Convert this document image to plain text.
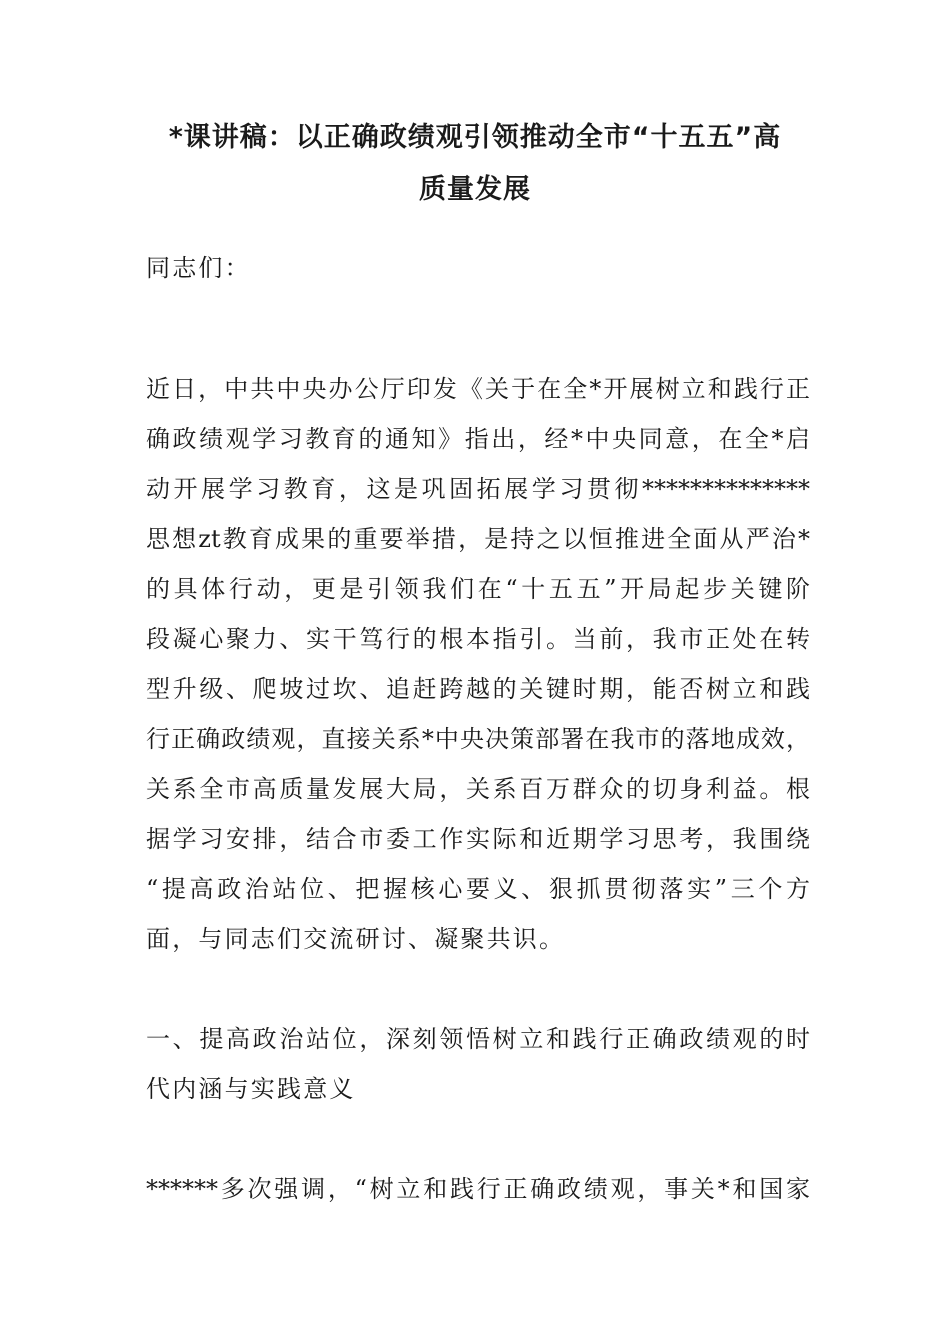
*课讲稿：以正确政绩观引领推动全市“十五五”高
质量发展
同志们：
近日，中共中央办公厅印发《关于在全*开展树立和践行正
确政绩观学习教育的通知》指出，经*中央同意，在全*启
动开展学习教育，这是巩固拓展学习贯彻**************
思想zt教育成果的重要举措，是持之以恒推进全面从严治*
的具体行动，更是引领我们在“十五五”开局起步关键阶
段凝心聚力、实干笃行的根本指引。当前，我市正处在转
型升级、爬坡过坎、追赶跨越的关键时期，能否树立和践
行正确政绩观，直接关系*中央决策部署在我市的落地成效，
关系全市高质量发展大局，关系百万群众的切身利益。根
据学习安排，结合市委工作实际和近期学习思考，我围绕
“提高政治站位、把握核心要义、狠抓贯彻落实”三个方
面，与同志们交流研讨、凝聚共识。
一、提高政治站位，深刻领悟树立和践行正确政绩观的时
代内涵与实践意义
******多次强调，“树立和践行正确政绩观，事关*和国家
